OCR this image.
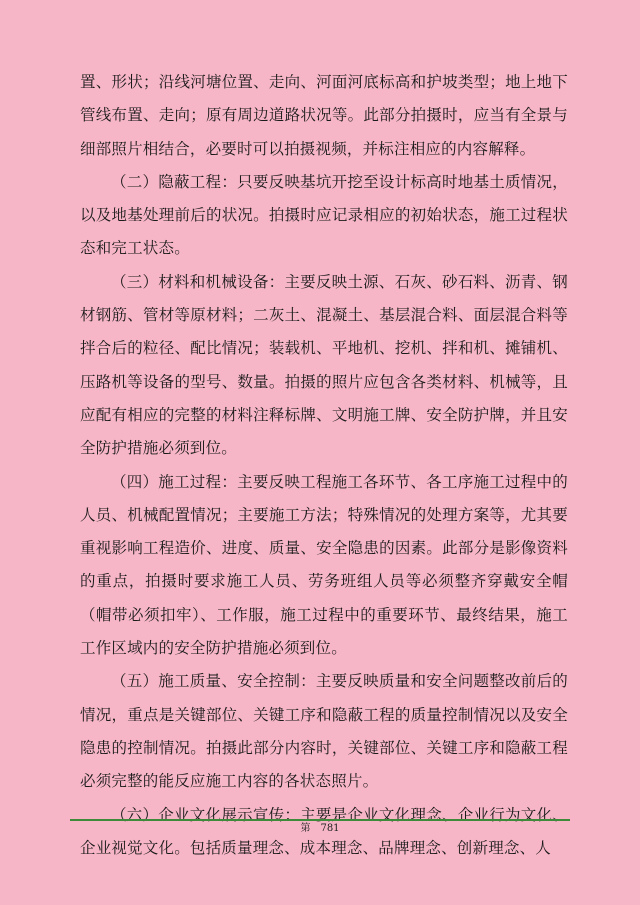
置、形状；沿线河塘位置、走向、河面河底标高和护坡类型；地上地下管线布置、走向；原有周边道路状况等。此部分拍摄时，应当有全景与细部照片相结合，必要时可以拍摄视频，并标注相应的内容解释。

（二）隐蔽工程：只要反映基坑开挖至设计标高时地基土质情况，以及地基处理前后的状况。拍摄时应记录相应的初始状态，施工过程状态和完工状态。

（三）材料和机械设备：主要反映土源、石灰、砂石料、沥青、钢材钢筋、管材等原材料；二灰土、混凝土、基层混合料、面层混合料等拌合后的粒径、配比情况；装载机、平地机、挖机、拌和机、摊铺机、压路机等设备的型号、数量。拍摄的照片应包含各类材料、机械等，且应配有相应的完整的材料注释标牌、文明施工牌、安全防护牌，并且安全防护措施必须到位。

（四）施工过程：主要反映工程施工各环节、各工序施工过程中的人员、机械配置情况；主要施工方法；特殊情况的处理方案等，尤其要重视影响工程造价、进度、质量、安全隐患的因素。此部分是影像资料的重点，拍摄时要求施工人员、劳务班组人员等必须整齐穿戴安全帽（帽带必须扣牢）、工作服，施工过程中的重要环节、最终结果，施工工作区域内的安全防护措施必须到位。

（五）施工质量、安全控制：主要反映质量和安全问题整改前后的情况，重点是关键部位、关键工序和隐蔽工程的质量控制情况以及安全隐患的控制情况。拍摄此部分内容时，关键部位、关键工序和隐蔽工程必须完整的能反应施工内容的各状态照片。

（六）企业文化展示宣传：主要是企业文化理念、企业行为文化、企业视觉文化。包括质量理念、成本理念、品牌理念、创新理念、人

第　781
